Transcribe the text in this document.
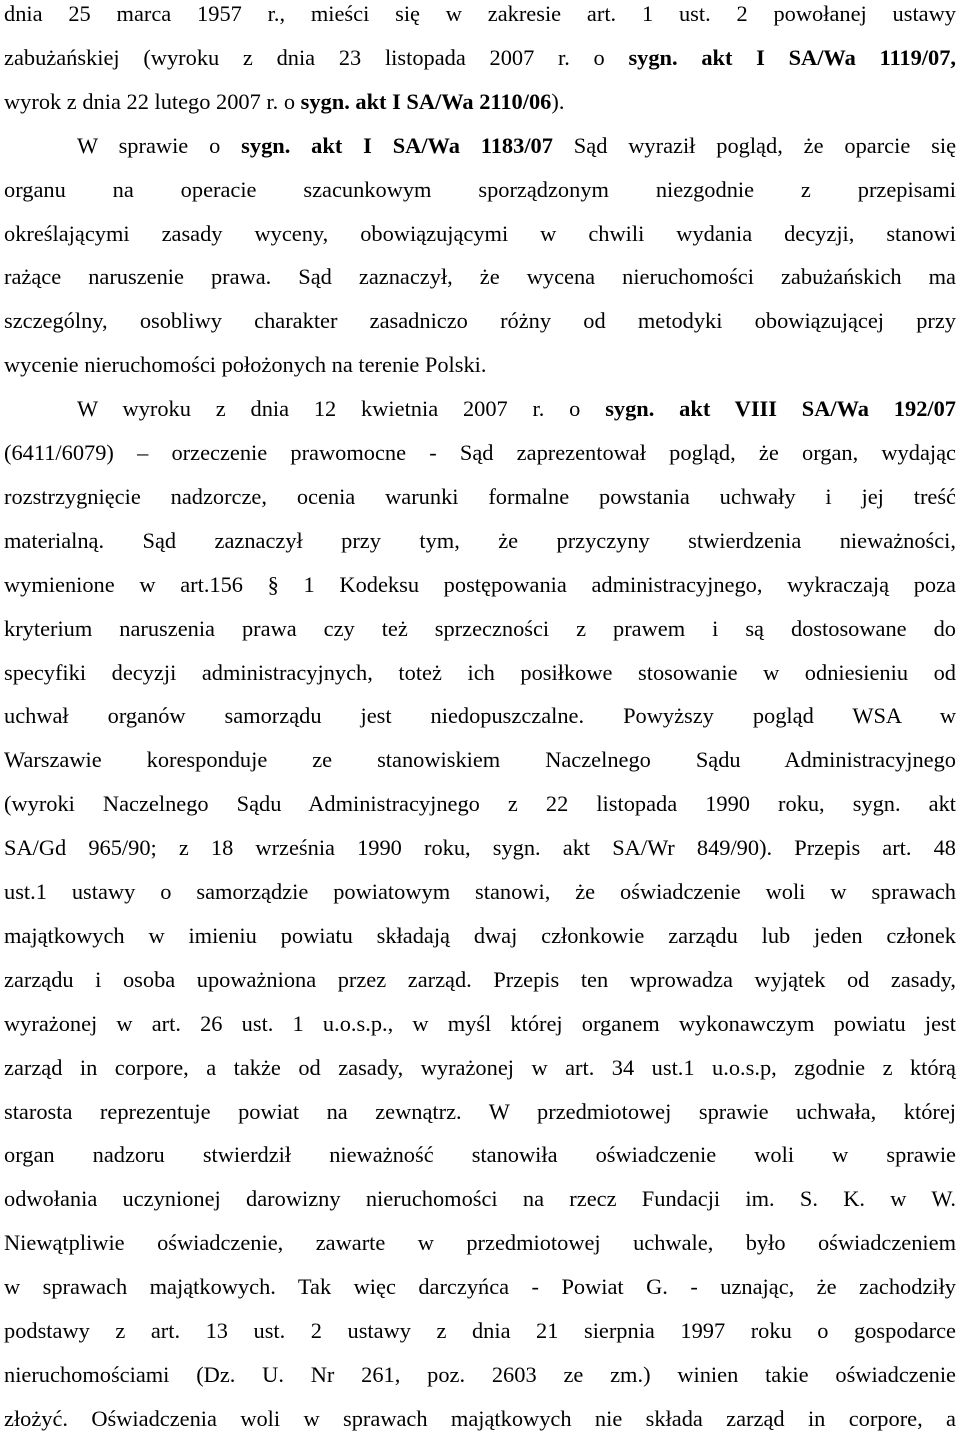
dnia 25 marca 1957 r., mieści się w zakresie art. 1 ust. 2 powołanej ustawy
zabużańskiej (wyroku z dnia 23 listopada 2007 r. o sygn. akt I SA/Wa 1119/07,
wyrok z dnia 22 lutego 2007 r. o sygn. akt I SA/Wa 2110/06).
W sprawie o sygn. akt I SA/Wa 1183/07 Sąd wyraził pogląd, że oparcie się
organu na operacie szacunkowym sporządzonym niezgodnie z przepisami
określającymi zasady wyceny, obowiązującymi w chwili wydania decyzji, stanowi
rażące naruszenie prawa. Sąd zaznaczył, że wycena nieruchomości zabużańskich ma
szczególny, osobliwy charakter zasadniczo różny od metodyki obowiązującej przy
wycenie nieruchomości położonych na terenie Polski.
W wyroku z dnia 12 kwietnia 2007 r. o sygn. akt VIII SA/Wa 192/07
(6411/6079) – orzeczenie prawomocne - Sąd zaprezentował pogląd, że organ, wydając
rozstrzygnięcie nadzorcze, ocenia warunki formalne powstania uchwały i jej treść
materialną. Sąd zaznaczył przy tym, że przyczyny stwierdzenia nieważności,
wymienione w art.156 § 1 Kodeksu postępowania administracyjnego, wykraczają poza
kryterium naruszenia prawa czy też sprzeczności z prawem i są dostosowane do
specyfiki decyzji administracyjnych, toteż ich posiłkowe stosowanie w odniesieniu od
uchwał organów samorządu jest niedopuszczalne. Powyższy pogląd WSA w
Warszawie koresponduje ze stanowiskiem Naczelnego Sądu Administracyjnego
(wyroki Naczelnego Sądu Administracyjnego z 22 listopada 1990 roku, sygn. akt
SA/Gd 965/90; z 18 września 1990 roku, sygn. akt SA/Wr 849/90). Przepis art. 48
ust.1 ustawy o samorządzie powiatowym stanowi, że oświadczenie woli w sprawach
majątkowych w imieniu powiatu składają dwaj członkowie zarządu lub jeden członek
zarządu i osoba upoważniona przez zarząd. Przepis ten wprowadza wyjątek od zasady,
wyrażonej w art. 26 ust. 1 u.o.s.p., w myśl której organem wykonawczym powiatu jest
zarząd in corpore, a także od zasady, wyrażonej w art. 34 ust.1 u.o.s.p, zgodnie z którą
starosta reprezentuje powiat na zewnątrz. W przedmiotowej sprawie uchwała, której
organ nadzoru stwierdził nieważność stanowiła oświadczenie woli w sprawie
odwołania uczynionej darowizny nieruchomości na rzecz Fundacji im. S. K. w W.
Niewątpliwie oświadczenie, zawarte w przedmiotowej uchwale, było oświadczeniem
w sprawach majątkowych. Tak więc darczyńca - Powiat G. - uznając, że zachodziły
podstawy z art. 13 ust. 2 ustawy z dnia 21 sierpnia 1997 roku o gospodarce
nieruchomościami (Dz. U. Nr 261, poz. 2603 ze zm.) winien takie oświadczenie
złożyć. Oświadczenia woli w sprawach majątkowych nie składa zarząd in corpore, a
